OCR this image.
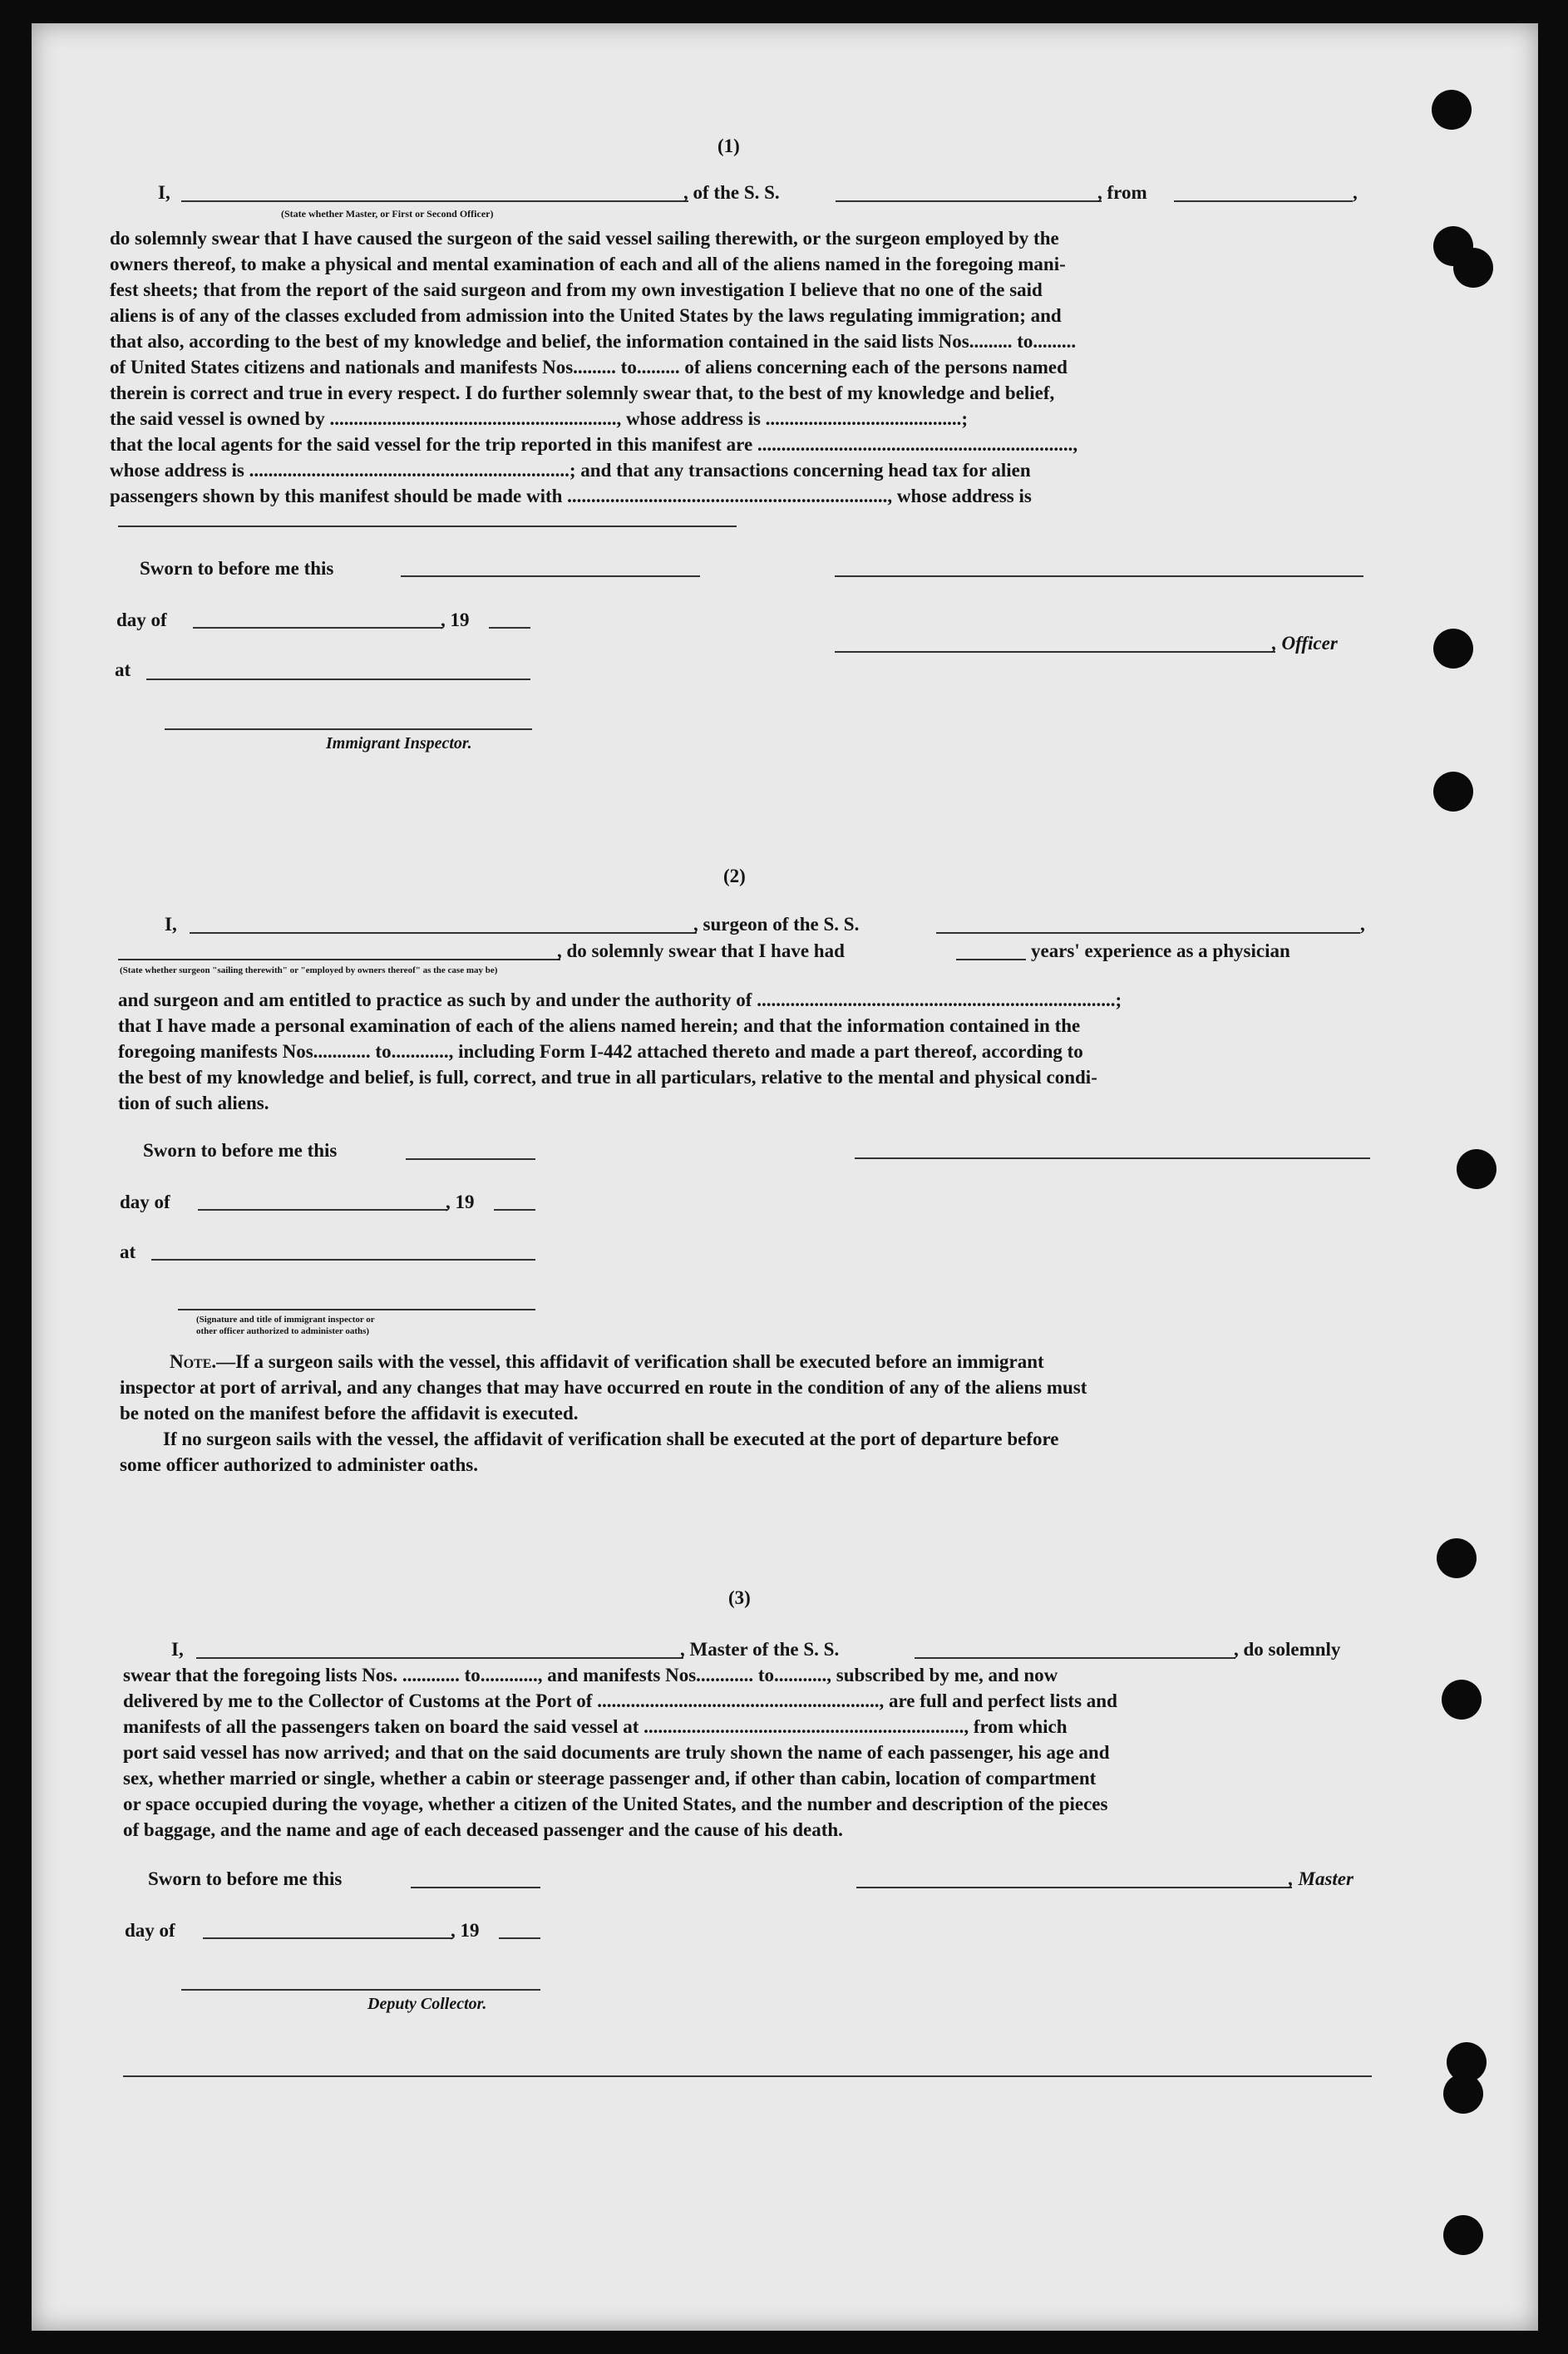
(1)
I,	, of the S. S.	, from	,
(State whether Master, or First or Second Officer)
do solemnly swear that I have caused the surgeon of the said vessel sailing therewith, or the surgeon employed by the
owners thereof, to make a physical and mental examination of each and all of the aliens named in the foregoing mani-
fest sheets; that from the report of the said surgeon and from my own investigation I believe that no one of the said
aliens is of any of the classes excluded from admission into the United States by the laws regulating immigration; and
that also, according to the best of my knowledge and belief, the information contained in the said lists Nos......... to.........
of United States citizens and nationals and manifests Nos......... to......... of aliens concerning each of the persons named
therein is correct and true in every respect. I do further solemnly swear that, to the best of my knowledge and belief,
the said vessel is owned by ............................................................, whose address is .........................................;
that the local agents for the said vessel for the trip reported in this manifest are ..................................................................,
whose address is ...................................................................; and that any transactions concerning head tax for alien
passengers shown by this manifest should be made with ..................................................................., whose address is
Sworn to before me this
day of	, 19
, Officer
at
Immigrant Inspector.
(2)
I,	, surgeon of the S. S.	,
, do solemnly swear that I have had	years' experience as a physician
(State whether surgeon "sailing therewith" or "employed by owners thereof" as the case may be)
and surgeon and am entitled to practice as such by and under the authority of ...........................................................................;
that I have made a personal examination of each of the aliens named herein; and that the information contained in the
foregoing manifests Nos............ to............, including Form I-442 attached thereto and made a part thereof, according to
the best of my knowledge and belief, is full, correct, and true in all particulars, relative to the mental and physical condi-
tion of such aliens.
Sworn to before me this
day of	, 19
at
(Signature and title of immigrant inspector or
other officer authorized to administer oaths)
Note.—If a surgeon sails with the vessel, this affidavit of verification shall be executed before an immigrant
inspector at port of arrival, and any changes that may have occurred en route in the condition of any of the aliens must
be noted on the manifest before the affidavit is executed.
If no surgeon sails with the vessel, the affidavit of verification shall be executed at the port of departure before
some officer authorized to administer oaths.
(3)
I,	, Master of the S. S.	, do solemnly
swear that the foregoing lists Nos. ............ to............, and manifests Nos............ to..........., subscribed by me, and now
delivered by me to the Collector of Customs at the Port of ..........................................................., are full and perfect lists and
manifests of all the passengers taken on board the said vessel at ..................................................................., from which
port said vessel has now arrived; and that on the said documents are truly shown the name of each passenger, his age and
sex, whether married or single, whether a cabin or steerage passenger and, if other than cabin, location of compartment
or space occupied during the voyage, whether a citizen of the United States, and the number and description of the pieces
of baggage, and the name and age of each deceased passenger and the cause of his death.
Sworn to before me this	, Master
day of	, 19
Deputy Collector.
